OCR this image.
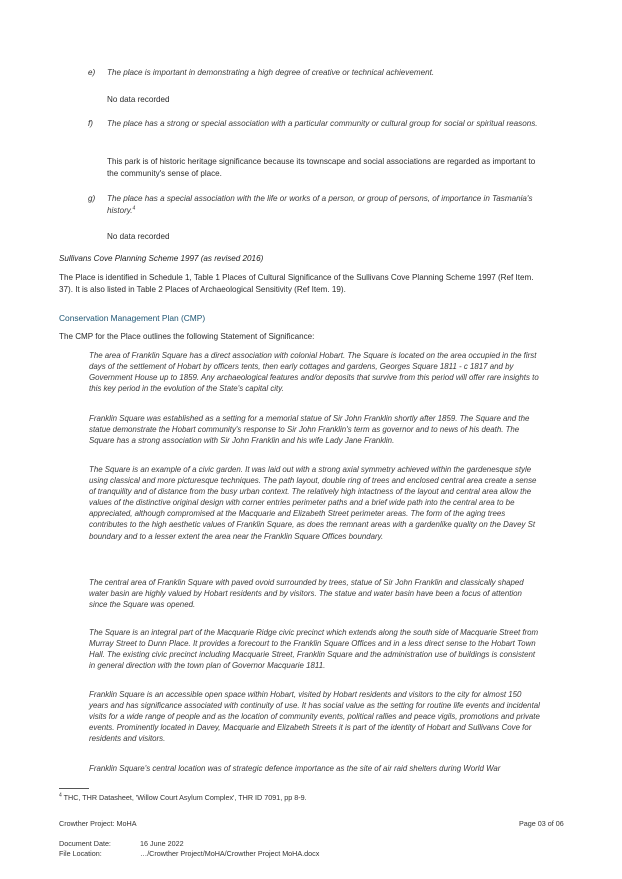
e) The place is important in demonstrating a high degree of creative or technical achievement.
No data recorded
f) The place has a strong or special association with a particular community or cultural group for social or spiritual reasons.
This park is of historic heritage significance because its townscape and social associations are regarded as important to the community's sense of place.
g) The place has a special association with the life or works of a person, or group of persons, of importance in Tasmania's history.$^4$
No data recorded
Sullivans Cove Planning Scheme 1997 (as revised 2016)
The Place is identified in Schedule 1, Table 1 Places of Cultural Significance of the Sullivans Cove Planning Scheme 1997 (Ref Item. 37). It is also listed in Table 2 Places of Archaeological Sensitivity (Ref Item. 19).
Conservation Management Plan (CMP)
The CMP for the Place outlines the following Statement of Significance:
The area of Franklin Square has a direct association with colonial Hobart. The Square is located on the area occupied in the first days of the settlement of Hobart by officers tents, then early cottages and gardens, Georges Square 1811 - c 1817 and by Government House up to 1859. Any archaeological features and/or deposits that survive from this period will offer rare insights to this key period in the evolution of the State's capital city.
Franklin Square was established as a setting for a memorial statue of Sir John Franklin shortly after 1859. The Square and the statue demonstrate the Hobart community's response to Sir John Franklin's term as governor and to news of his death. The Square has a strong association with Sir John Franklin and his wife Lady Jane Franklin.
The Square is an example of a civic garden. It was laid out with a strong axial symmetry achieved within the gardenesque style using classical and more picturesque techniques. The path layout, double ring of trees and enclosed central area create a sense of tranquility and of distance from the busy urban context. The relatively high intactness of the layout and central area allow the values of the distinctive original design with corner entries perimeter paths and a brief wide path into the central area to be appreciated, although compromised at the Macquarie and Elizabeth Street perimeter areas. The form of the aging trees contributes to the high aesthetic values of Franklin Square, as does the remnant areas with a gardenlike quality on the Davey St boundary and to a lesser extent the area near the Franklin Square Offices boundary.
The central area of Franklin Square with paved ovoid surrounded by trees, statue of Sir John Franklin and classically shaped water basin are highly valued by Hobart residents and by visitors. The statue and water basin have been a focus of attention since the Square was opened.
The Square is an integral part of the Macquarie Ridge civic precinct which extends along the south side of Macquarie Street from Murray Street to Dunn Place. It provides a forecourt to the Franklin Square Offices and in a less direct sense to the Hobart Town Hall. The existing civic precinct including Macquarie Street, Franklin Square and the administration use of buildings is consistent in general direction with the town plan of Governor Macquarie 1811.
Franklin Square is an accessible open space within Hobart, visited by Hobart residents and visitors to the city for almost 150 years and has significance associated with continuity of use. It has social value as the setting for routine life events and incidental visits for a wide range of people and as the location of community events, political rallies and peace vigils, promotions and private events. Prominently located in Davey, Macquarie and Elizabeth Streets it is part of the identity of Hobart and Sullivans Cove for residents and visitors.
Franklin Square's central location was of strategic defence importance as the site of air raid shelters during World War
$^4$ THC, THR Datasheet, 'Willow Court Asylum Complex', THR ID 7091, pp 8-9.
Crowther Project: MoHA	Page 03 of 06
Document Date:	16 June 2022
File Location:	…/Crowther Project/MoHA/Crowther Project MoHA.docx
